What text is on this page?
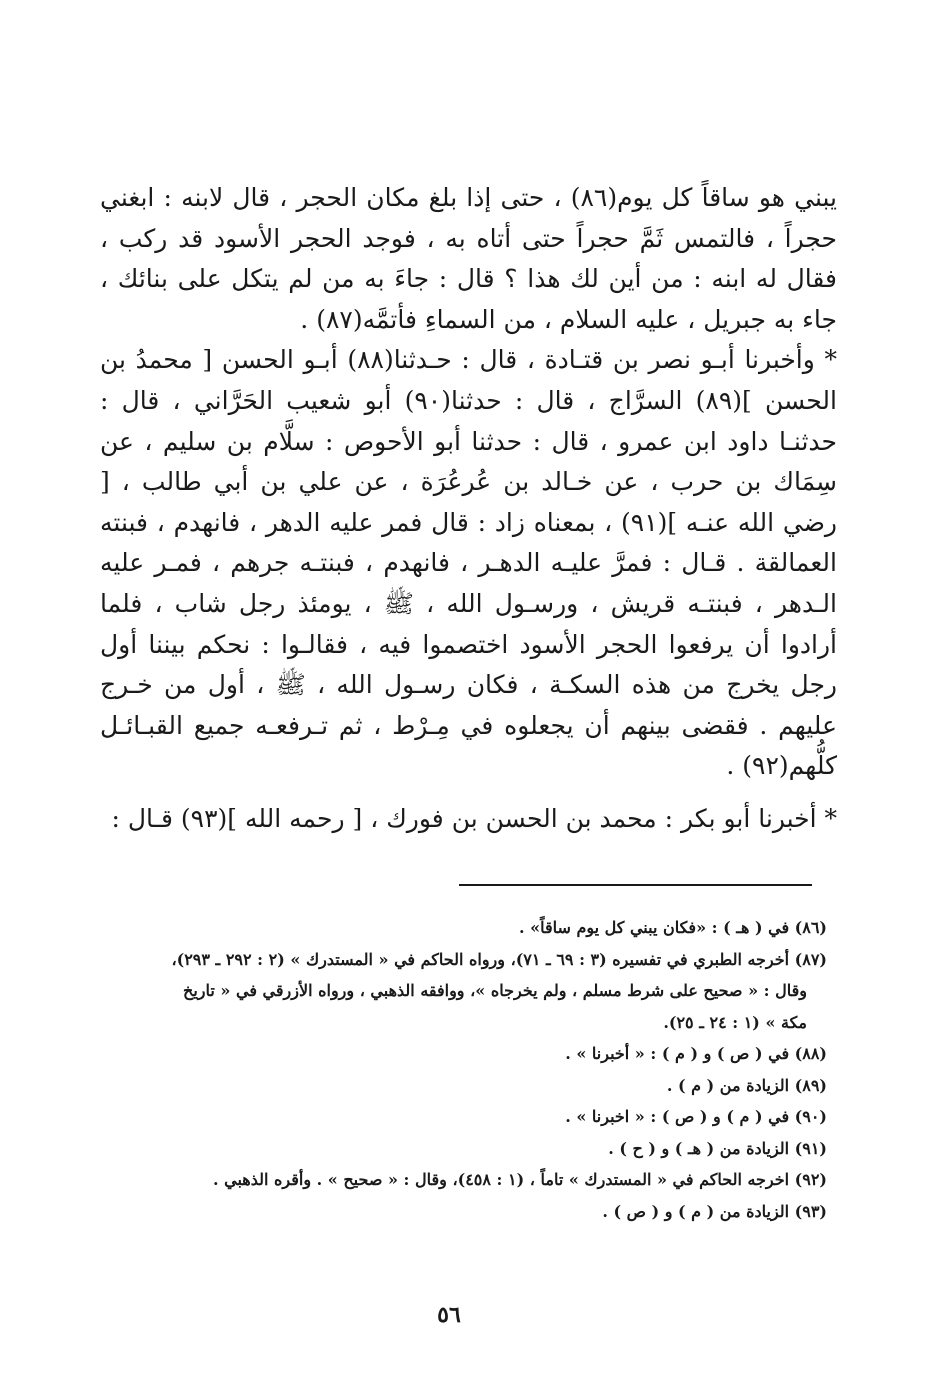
يبني هو ساقاً كل يوم(٨٦) ، حتى إذا بلغ مكان الحجر ، قال لابنه : ابغني حجراً ، فالتمس ثَمَّ حجراً حتى أتاه به ، فوجد الحجر الأسود قد ركب ، فقال له ابنه : من أين لك هذا ؟ قال : جاءَ به من لم يتكل على بنائك ، جاء به جبريل ، عليه السلام ، من السماءِ فأتمَّه(٨٧) .

* وأخبرنا أبـو نصر بن قتـادة ، قال : حـدثنا(٨٨) أبـو الحسن [ محمدُ بن الحسن ](٨٩) السرَّاج ، قال : حدثنا(٩٠) أبو شعيب الحَرَّاني ، قال : حدثنـا داود ابن عمرو ، قال : حدثنا أبو الأحوص : سلَّام بن سليم ، عن سِمَاك بن حرب ، عن خـالد بن عُرعُرَة ، عن علي بن أبي طالب ، [ رضي الله عنـه ](٩١) ، بمعناه زاد : قال فمر عليه الدهر ، فانهدم ، فبنته العمالقة . قـال : فمرَّ عليـه الدهـر ، فانهدم ، فبنتـه جرهم ، فمـر عليه الـدهر ، فبنتـه قريش ، ورسـول الله ، ﷺ ، يومئذ رجل شاب ، فلما أرادوا أن يرفعوا الحجر الأسود اختصموا فيه ، فقالـوا : نحكم بيننا أول رجل يخرج من هذه السكـة ، فكان رسـول الله ، ﷺ ، أول من خـرج عليهم . فقضى بينهم أن يجعلوه في مِـرْط ، ثم تـرفعـه جميع القبـائـل كلُّهم(٩٢) .

* أخبرنا أبو بكر : محمد بن الحسن بن فورك ، [ رحمه الله ](٩٣) قـال :

(٨٦) في ( هـ ) : «فكان يبني كل يوم ساقاً» .
(٨٧) أخرجه الطبري في تفسيره (٣ : ٦٩ ـ ٧١)، ورواه الحاكم في « المستدرك » (٢ : ٢٩٢ ـ ٢٩٣)،
وقال : « صحيح على شرط مسلم ، ولم يخرجاه »، ووافقه الذهبي ، ورواه الأزرقي في « تاريخ
مكة » (١ : ٢٤ ـ ٢٥).
(٨٨) في ( ص ) و ( م ) : « أخبرنا » .
(٨٩) الزيادة من ( م ) .
(٩٠) في ( م ) و ( ص ) : « اخبرنا » .
(٩١) الزيادة من ( هـ ) و ( ح ) .
(٩٢) اخرجه الحاكم في « المستدرك » تاماً ، (١ : ٤٥٨)، وقال : « صحيح » . وأقره الذهبي .
(٩٣) الزيادة من ( م ) و ( ص ) .
٥٦
